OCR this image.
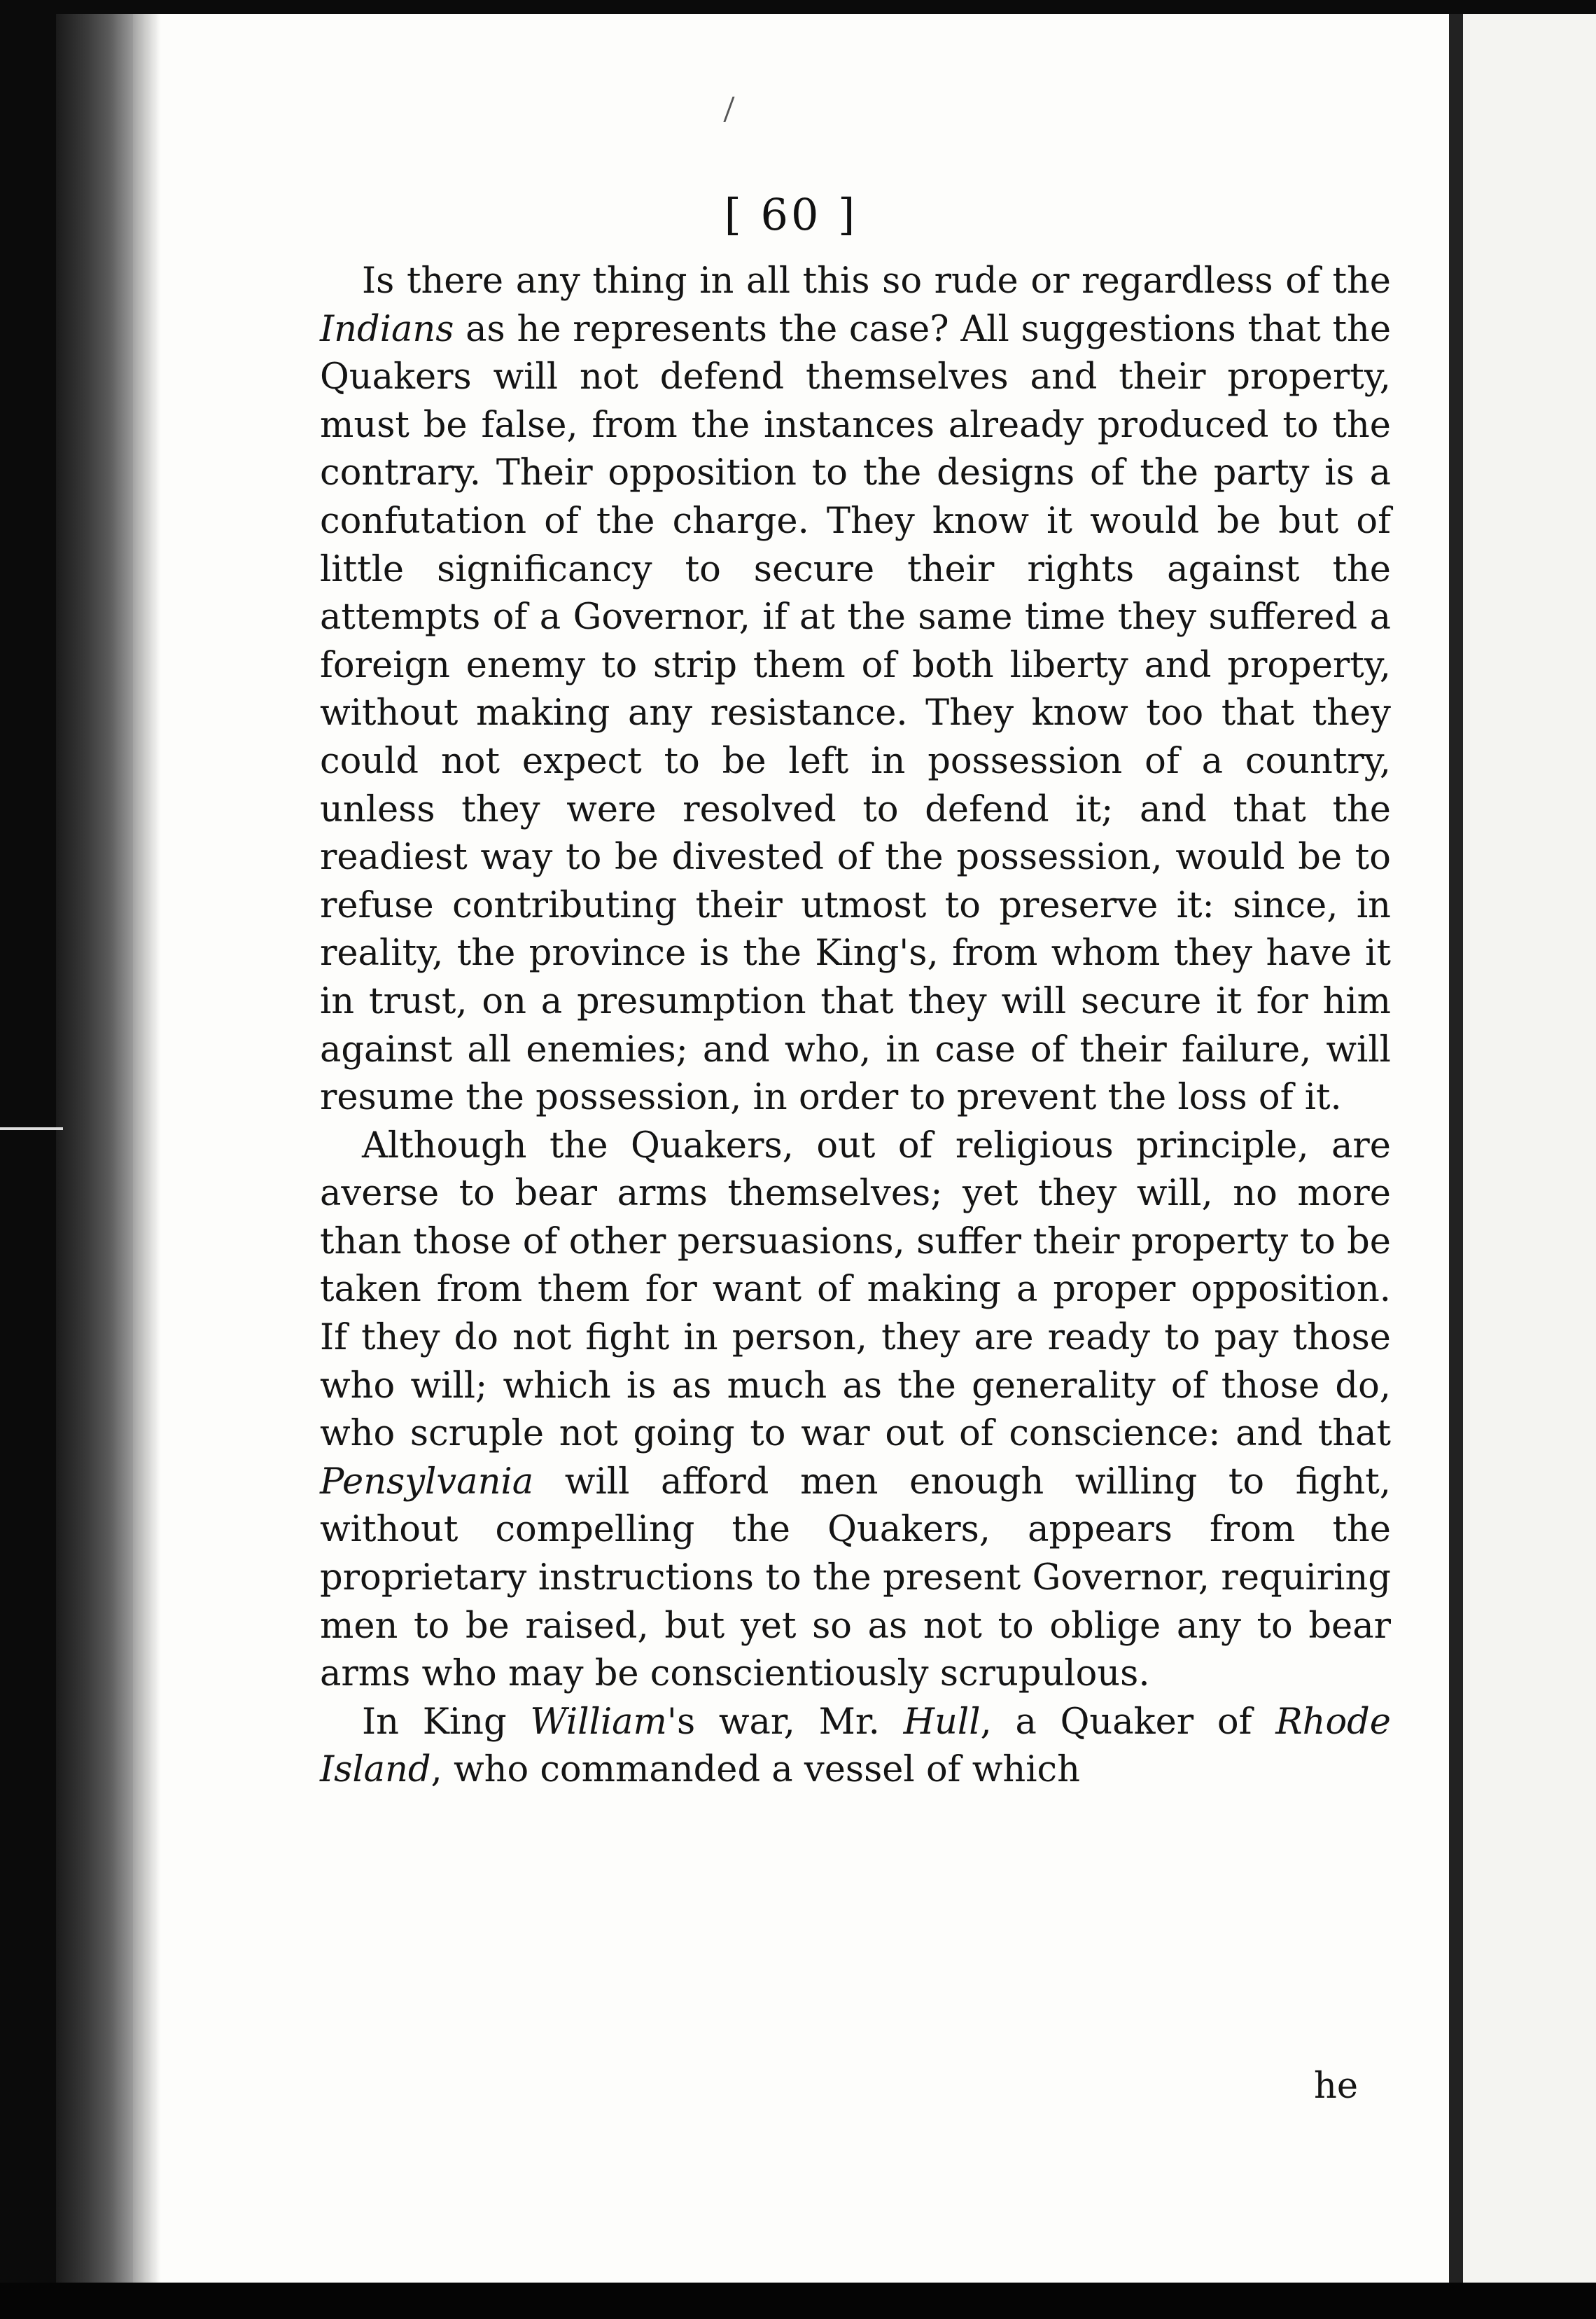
[ 60 ]

Is there any thing in all this so rude or regardless of the Indians as he represents the case? All suggestions that the Quakers will not defend themselves and their property, must be false, from the instances already produced to the contrary. Their opposition to the designs of the party is a confutation of the charge. They know it would be but of little significancy to secure their rights against the attempts of a Governor, if at the same time they suffered a foreign enemy to strip them of both liberty and property, without making any resistance. They know too that they could not expect to be left in possession of a country, unless they were resolved to defend it; and that the readiest way to be divested of the possession, would be to refuse contributing their utmost to preserve it: since, in reality, the province is the King's, from whom they have it in trust, on a presumption that they will secure it for him against all enemies; and who, in case of their failure, will resume the possession, in order to prevent the loss of it.

Although the Quakers, out of religious principle, are averse to bear arms themselves; yet they will, no more than those of other persuasions, suffer their property to be taken from them for want of making a proper opposition. If they do not fight in person, they are ready to pay those who will; which is as much as the generality of those do, who scruple not going to war out of conscience: and that Pensylvania will afford men enough willing to fight, without compelling the Quakers, appears from the proprietary instructions to the present Governor, requiring men to be raised, but yet so as not to oblige any to bear arms who may be conscientiously scrupulous.

In King William's war, Mr. Hull, a Quaker of Rhode Island, who commanded a vessel of which

he
